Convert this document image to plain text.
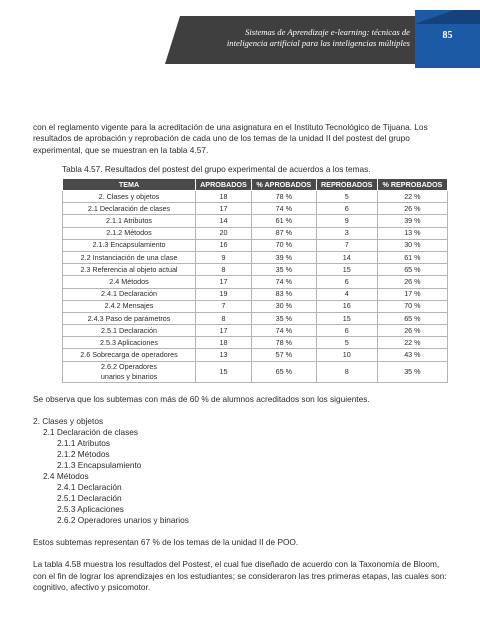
Sistemas de Aprendizaje e-learning: técnicas de
inteligencia artificial para las inteligencias múltiples
85

con el reglamento vigente para la acreditación de una asignatura en el Instituto Tecnológico de Tijuana. Los resultados de aprobación y reprobación de cada uno de los temas de la unidad II del postest del grupo experimental, que se muestran en la tabla 4.57.

Tabla 4.57. Resultados del postest del grupo experimental de acuerdos a los temas.
TEMA	APROBADOS	% APROBADOS	REPROBADOS	% REPROBADOS
2. Clases y objetos	18	78 %	5	22 %
2.1 Declaración de clases	17	74 %	6	26 %
2.1.1 Atributos	14	61 %	9	39 %
2.1.2 Métodos	20	87 %	3	13 %
2.1.3 Encapsulamiento	16	70 %	7	30 %
2.2 Instanciación de una clase	9	39 %	14	61 %
2.3 Referencia al objeto actual	8	35 %	15	65 %
2.4 Métodos	17	74 %	6	26 %
2.4.1 Declaración	19	83 %	4	17 %
2.4.2 Mensajes	7	30 %	16	70 %
2.4.3 Paso de parámetros	8	35 %	15	65 %
2.5.1 Declaración	17	74 %	6	26 %
2.5.3 Aplicaciones	18	78 %	5	22 %
2.6 Sobrecarga de operadores	13	57 %	10	43 %

2.6.2 Operadores
unarios y binarios	15	65 %	8	35 %

Se observa que los subtemas con más de 60 % de alumnos acreditados son los siguientes.

2. Clases y objetos
2.1 Declaración de clases
2.1.1 Atributos
2.1.2 Métodos
2.1.3 Encapsulamiento
2.4 Métodos
2.4.1 Declaración
2.5.1 Declaración
2.5.3 Aplicaciones
2.6.2 Operadores unarios y binarios

Estos subtemas representan 67 % de los temas de la unidad II de POO.

La tabla 4.58 muestra los resultados del Postest, el cual fue diseñado de acuerdo con la Taxonomía de Bloom, con el fin de lograr los aprendizajes en los estudiantes; se consideraron las tres primeras etapas, las cuales son: cognitivo, afectivo y psicomotor.
